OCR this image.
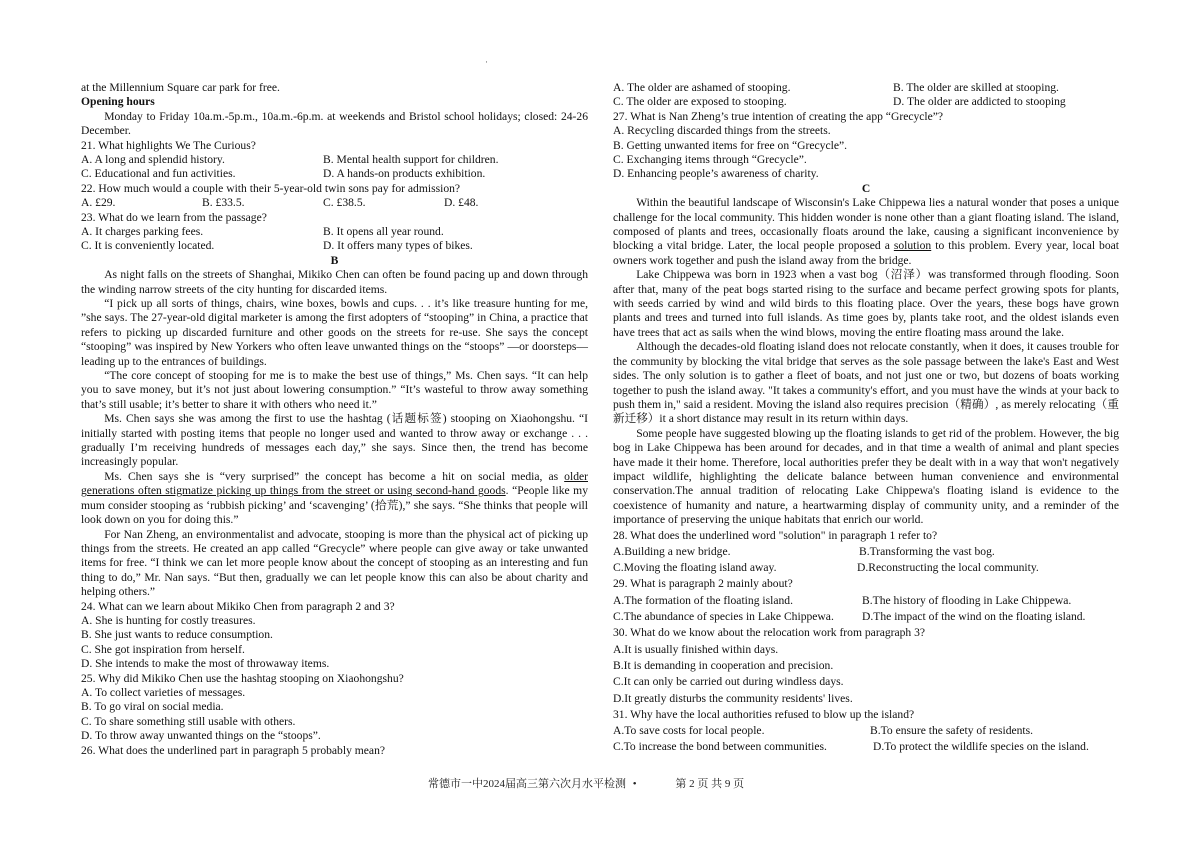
·

at the Millennium Square car park for free.

Opening hours

Monday to Friday 10a.m.-5p.m., 10a.m.-6p.m. at weekends and Bristol school holidays; closed: 24-26 December.

21. What highlights We The Curious?

A. A long and splendid history.	B. Mental health support for children.
C. Educational and fun activities.	D. A hands-on products exhibition.

22. How much would a couple with their 5-year-old twin sons pay for admission?

A. £29.	B. £33.5.	C. £38.5.	D. £48.

23. What do we learn from the passage?

A. It charges parking fees.	B. It opens all year round.
C. It is conveniently located.	D. It offers many types of bikes.

B

As night falls on the streets of Shanghai, Mikiko Chen can often be found pacing up and down through the winding narrow streets of the city hunting for discarded items.

“I pick up all sorts of things, chairs, wine boxes, bowls and cups. . . it’s like treasure hunting for me, ”she says. The 27-year-old digital marketer is among the first adopters of “stooping” in China, a practice that refers to picking up discarded furniture and other goods on the streets for re-use. She says the concept “stooping” was inspired by New Yorkers who often leave unwanted things on the “stoops” —or doorsteps—leading up to the entrances of buildings.

“The core concept of stooping for me is to make the best use of things,” Ms. Chen says. “It can help you to save money, but it’s not just about lowering consumption.” “It’s wasteful to throw away something that’s still usable; it’s better to share it with others who need it.”

Ms. Chen says she was among the first to use the hashtag (话题标签) stooping on Xiaohongshu. “I initially started with posting items that people no longer used and wanted to throw away or exchange . . . gradually I’m receiving hundreds of messages each day,” she says. Since then, the trend has become increasingly popular.

Ms. Chen says she is “very surprised” the concept has become a hit on social media, as older generations often stigmatize picking up things from the street or using second-hand goods. “People like my mum consider stooping as ‘rubbish picking’ and ‘scavenging’ (拾荒),” she says. “She thinks that people will look down on you for doing this.”

For Nan Zheng, an environmentalist and advocate, stooping is more than the physical act of picking up things from the streets. He created an app called “Grecycle” where people can give away or take unwanted items for free. “I think we can let more people know about the concept of stooping as an interesting and fun thing to do,” Mr. Nan says. “But then, gradually we can let people know this can also be about charity and helping others.”

24. What can we learn about Mikiko Chen from paragraph 2 and 3?

A. She is hunting for costly treasures.

B. She just wants to reduce consumption.

C. She got inspiration from herself.

D. She intends to make the most of throwaway items.

25. Why did Mikiko Chen use the hashtag stooping on Xiaohongshu?

A. To collect varieties of messages.

B. To go viral on social media.

C. To share something still usable with others.

D. To throw away unwanted things on the “stoops”.

26. What does the underlined part in paragraph 5 probably mean?

A. The older are ashamed of stooping.	B. The older are skilled at stooping.
C. The older are exposed to stooping.	D. The older are addicted to stooping

27. What is Nan Zheng’s true intention of creating the app “Grecycle”?

A. Recycling discarded things from the streets.

B. Getting unwanted items for free on “Grecycle”.

C. Exchanging items through “Grecycle”.

D. Enhancing people’s awareness of charity.

C

Within the beautiful landscape of Wisconsin's Lake Chippewa lies a natural wonder that poses a unique challenge for the local community. This hidden wonder is none other than a giant floating island. The island, composed of plants and trees, occasionally floats around the lake, causing a significant inconvenience by blocking a vital bridge. Later, the local people proposed a solution to this problem. Every year, local boat owners work together and push the island away from the bridge.

Lake Chippewa was born in 1923 when a vast bog（沼泽）was transformed through flooding. Soon after that, many of the peat bogs started rising to the surface and became perfect growing spots for plants, with seeds carried by wind and wild birds to this floating place. Over the years, these bogs have grown plants and trees and turned into full islands. As time goes by, plants take root, and the oldest islands even have trees that act as sails when the wind blows, moving the entire floating mass around the lake.

Although the decades-old floating island does not relocate constantly, when it does, it causes trouble for the community by blocking the vital bridge that serves as the sole passage between the lake's East and West sides. The only solution is to gather a fleet of boats, and not just one or two, but dozens of boats working together to push the island away. "It takes a community's effort, and you must have the winds at your back to push them in," said a resident. Moving the island also requires precision（精确）, as merely relocating（重新迁移）it a short distance may result in its return within days.

Some people have suggested blowing up the floating islands to get rid of the problem. However, the big bog in Lake Chippewa has been around for decades, and in that time a wealth of animal and plant species have made it their home. Therefore, local authorities prefer they be dealt with in a way that won't negatively impact wildlife, highlighting the delicate balance between human convenience and environmental conservation.The annual tradition of relocating Lake Chippewa's floating island is evidence to the coexistence of humanity and nature, a heartwarming display of community unity, and a reminder of the importance of preserving the unique habitats that enrich our world.

28. What does the underlined word "solution" in paragraph 1 refer to?

A.Building a new bridge.	B.Transforming the vast bog.
C.Moving the floating island away.	D.Reconstructing the local community.

29. What is paragraph 2 mainly about?

A.The formation of the floating island.	B.The history of flooding in Lake Chippewa.
C.The abundance of species in Lake Chippewa. D.The impact of the wind on the floating island.

30. What do we know about the relocation work from paragraph 3?

A.It is usually finished within days.

B.It is demanding in cooperation and precision.

C.It can only be carried out during windless days.

D.It greatly disturbs the community residents' lives.

31. Why have the local authorities refused to blow up the island?

A.To save costs for local people.	B.To ensure the safety of residents.
C.To increase the bond between communities.	D.To protect the wildlife species on the island.
常德市一中2024届高三第六次月水平检测 •	第 2 页 共 9 页
